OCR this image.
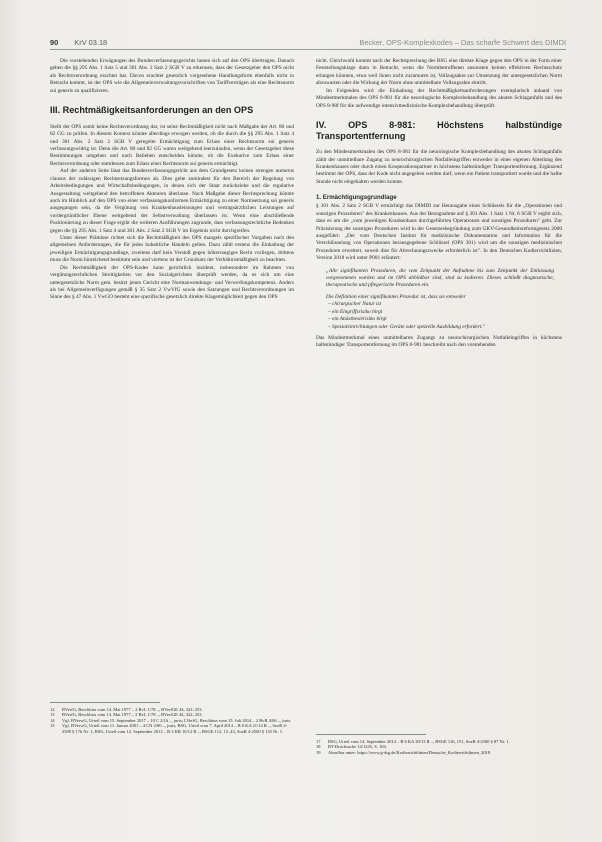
90 KrV 03.18	Becker, OPS-Komplexkodes – Das scharfe Schwert des DIMDI

Die vorstehenden Erwägungen des Bundesverfassungsgerichts lassen sich auf den OPS übertragen. Danach gehen die §§ 295 Abs. 1 Satz 5 und 301 Abs. 2 Satz 2 SGB V zu erkennen, dass der Gesetzgeber den OPS nicht als Rechtsverordnung erachtet hat. Davon erachtet gesetzlich vorgesehene Handlungsform ebenfalls nicht in Betracht kommt, ist der OPS wie die Allgemeinverwaltungsvorschriften von Tariffverträgen als eine Rechtsnorm sui generis zu qualifizieren.

III. Rechtmäßigkeitsanforderungen an den OPS

Stellt der OPS somit keine Rechtsverordnung dar, ist seine Rechtmäßigkeit nicht nach Maßgabe der Art. 80 und 82 GG zu prüfen. In diesem Kontext könnte allerdings erwogen werden, ob die durch die §§ 295 Abs. 1 Satz 4 und 301 Abs. 2 Satz 2 SGB V geregelte Ermächtigung zum Erlass einer Rechtsnorm sui generis verfassungswidrig ist. Denn die Art. 80 und 82 GG waren weitgehend leerzulaufen, wenn der Gesetzgeber diese Bestimmungen umgehen und nach Belieben entscheiden könnte, ob die Exekutive zum Erlass einer Rechtsverordnung oder stattdessen zum Erlass einer Rechtsnorm sui generis ermächtigt.

Auf der anderen Seite lässt das Bundesverfassungsgericht aus dem Grundgesetz keinen strengen numerus clausus der zulässigen Rechtsetzungsformen ab. Dies gelte zumindest für den Bereich der Regelung von Arbeitsbedingungen und Wirtschaftsbedingungen, in denen sich der Staat zurückziehe und die regulative Ausgestaltung weitgehend den betroffenen Akteuren überlasse. Nach Maßgabe dieser Rechtsprechung könnte auch im Hinblick auf den OPS von einer verfassungskonformen Ermächtigung zu einer Normsetzung sui generis ausgegangen sein, da die Vergütung von Krankenhausleistungen und vertragsärztlichen Leistungen auf vordergründlicher Ebene weitgehend der Selbstverwaltung überlassen ist. Wenn eine abschließende Positionierung zu dieser Frage ergibt die weiteren Ausführungen zugrunde, dass verfassungsrechtliche Bedenken gegen die §§ 295 Abs. 1 Satz 4 und 301 Abs. 2 Satz 2 SGB V im Ergebnis nicht durchgreifen.

Unter dieser Prämisse richtet sich die Rechtmäßigkeit des OPS mangels spezifischer Vorgaben nach den allgemeinen Anforderungen, die für jedes hoheitliche Handeln gelten. Dazu zählt erstens die Einhaltung der jeweiligen Ermächtigungsgrundlage, zweitens darf kein Verstoß gegen höherrangiges Recht vorliegen, drittens muss die Norm hinreichend bestimmt sein und viertens ist der Grundsatz der Verhältnismäßigkeit zu beachten.

Die Rechtmäßigkeit der OPS-Kodes kann gerichtlich inzident, insbesondere im Rahmen von vergütungsrechtlichen Streitigkeiten vor den Sozialgerichten überprüft werden, da es sich um eine untergesetzliche Norm gem. besitzt jenen Gericht eine Normanwendungs- und Verwerfungskompetenz. Anders als bei Allgemeinverfügungen gemäß § 35 Satz 2 VwVfG sowie den Satzungen und Rechtsverordnungen im Sinne des § 47 Abs. 1 VwGO besteht eine spezifische gesetzlich direkte Klagemöglichkeit gegen den OPS

12	BVerfG, Beschluss vom 14. Mai 1977 – 2 BvL 1/78 –, BVerfGE 44, 322–353.
13	BVerfG, Beschluss vom 14. Mai 1977 – 2 BvL 1/78 –, BVerfGE 44, 322–353.
14	Vgl. BVerwG, Urteil vom 15. September 2017 – 10 C 2/16 –, juris; LVerfG, Beschluss vom 15. Juli 2014 – 2 BvR 4/06 –, juris.
15	Vgl. BVerwG, Urteil vom 11. Januar 2001 – 4 CN 2/00 –, juris; BSG, Urteil vom 7. April 2014 – B 6 KA 21/14 R –, SozR 4-2500 § 17b Nr. 1; BSG, Urteil vom 12. September 2012 – B 3 KR 10/12 R –, BSGE 112, 15–43, SozR 4-2500 § 135 Nr. 1.

nicht. Gleichwohl kommt nach der Rechtsprechung des BSG eine direkte Klage gegen den OPS in der Form einer Feststellungsklage dann in Betracht, wenn die Normbetroffenen ansonsten keinen effektiven Rechtsschutz erlangen könnten, etwa weil ihnen nicht zuzumuten ist, Vollzugsakte zur Umsetzung der untergesetzlichen Norm abzuwarten oder die Wirkung der Norm ohne unmittelbare Vollzugsakte eintritt.

Im Folgenden wird die Einhaltung der Rechtmäßigkeitsanforderungen exemplarisch anhand von Mindestmerkmalen des OPS 8-981 für die neurologische Komplexbehandlung des akuten Schlaganfalls und des OPS 8-98f für die aufwendige intensivmedizinische Komplexbehandlung überprüft.

IV. OPS 8-981: Höchstens halbstündige Transportentfernung

Zu den Mindestmerkmalen des OPS 8-981 für die neurologische Komplexbehandlung des akuten Schlaganfalls zählt der unmittelbare Zugang zu neurochirurgischen Notfalleingriffen entweder in einer eigenen Abteilung des Krankenhauses oder durch einen Kooperationspartner in höchstens halbstündiger Transportentfernung. Ergänzend bestimmt der OPS, dass der Kode nicht angegeben werden darf, wenn ein Patient transportiert wurde und die halbe Stunde nicht eingehalten werden konnte.

1. Ermächtigungsgrundlage

§ 301 Abs. 2 Satz 2 SGB V ermächtigt das DIMDI zur Herausgabe eines Schlüssels für die „Operationen und sonstigen Prozeduren" des Krankenhauses. Aus der Bezugnahme auf § 301 Abs. 1 Satz 1 Nr. 6 SGB V ergibt sich, dass es um die „vom jeweiligen Krankenhaus durchgeführten Operationen und sonstigen Prozeduren" geht. Zur Präzisierung der sonstigen Prozeduren wird in der Gesetzesbegründung zum GKV-Gesundheitsreformgesetz 2000 ausgeführt: „Der vom Deutschen Institut für medizinische Dokumentation und Information für die Verschlüsselung von Operationen herausgegebene Schlüssel (OPS 301) wird um die sonstigen medizinischen Prozeduren erweitert, soweit dies für Abrechnungszwecke erforderlich ist". In den Deutschen Kodierrichtlinien, Version 2018 wird unter P001 erläutert:

„Alle signifikanten Prozeduren, die vom Zeitpunkt der Aufnahme bis zum Zeitpunkt der Entlassung vorgenommen wurden und im OPS abbildbar sind, sind zu kodieren. Dieses schließt diagnostische, therapeutische und pflegerische Prozeduren ein.

Die Definition einer signifikanten Prozedur ist, dass sie entweder

– chirurgischer Natur ist
– ein Eingriffsrisiko birgt
– ein Anästhesierisiko birgt
– Spezialeinrichtungen oder Geräte oder spezielle Ausbildung erfordert."

Das Mindestmerkmal eines unmittelbaren Zugangs zu neurochirurgischen Notfalleingriffen in höchstens halbstündiger Transportentfernung im OPS 8-981 beschreibt nach den vorstehenden

17	BSG, Urteil vom 14. September 2014 – B 6 KA 30/13 R –, BSGE 116, 151, SozR 4-2500 § 87 Nr. 1.
18	BT-Drucksache 14/1245, S. 104.
19	Abrufbar unter: https://www.g-drg.de/Kodierrichtlinien/Deutsche_Kodierrichtlinien_2018
